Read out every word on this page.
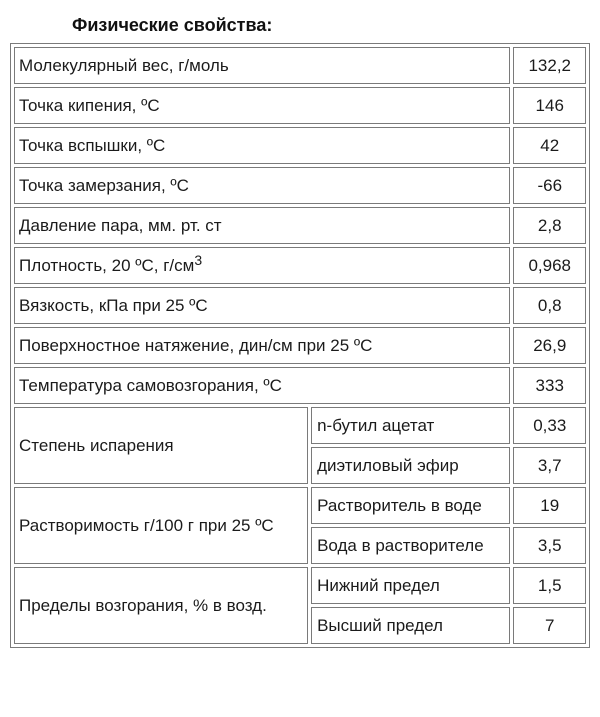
Физические свойства:
Молекулярный вес, г/моль		132,2
Точка кипения, ºС		146
Точка вспышки, ºС		42
Точка замерзания, ºС		-66
Давление пара, мм. рт. ст		2,8
Плотность, 20 ºС, $г/см^3$		0,968
Вязкость, кПа при 25 ºС		0,8
Поверхностное натяжение, дин/см при 25 ºС		26,9
Температура самовозгорания, ºС		333
Степень испарения	n-бутил ацетат	0,33
	диэтиловый эфир	3,7
Растворимость г/100 г при 25 ºС	Растворитель в воде	19
	Вода в растворителе	3,5
Пределы возгорания, % в возд.	Нижний предел	1,5
	Высший предел	7
